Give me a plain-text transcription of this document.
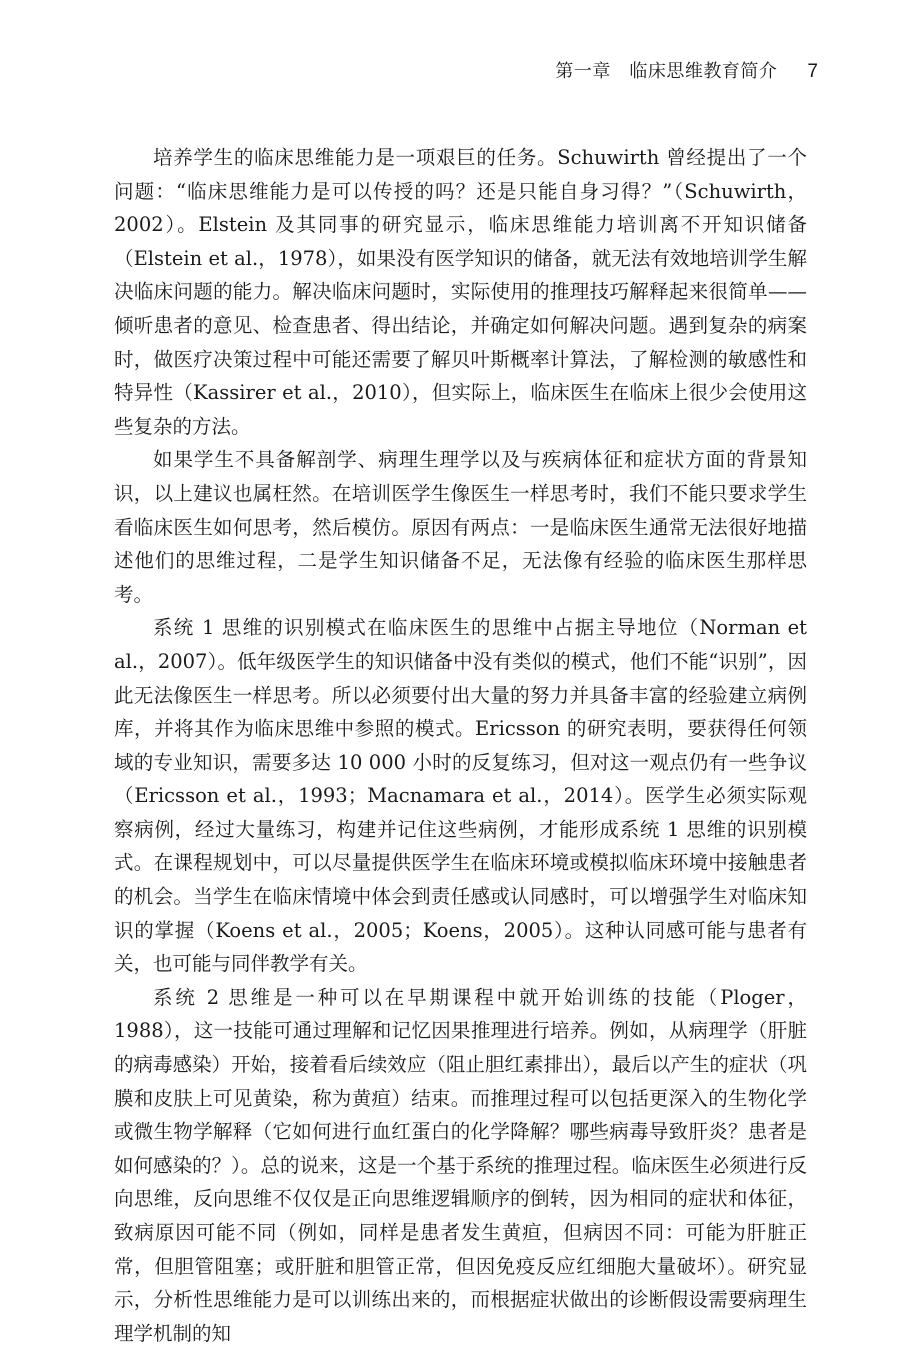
第一章　临床思维教育简介 7

培养学生的临床思维能力是一项艰巨的任务。Schuwirth 曾经提出了一个问题：“临床思维能力是可以传授的吗？还是只能自身习得？”（Schuwirth，2002）。Elstein 及其同事的研究显示，临床思维能力培训离不开知识储备（Elstein et al.，1978），如果没有医学知识的储备，就无法有效地培训学生解决临床问题的能力。解决临床问题时，实际使用的推理技巧解释起来很简单——倾听患者的意见、检查患者、得出结论，并确定如何解决问题。遇到复杂的病案时，做医疗决策过程中可能还需要了解贝叶斯概率计算法，了解检测的敏感性和特异性（Kassirer et al.，2010），但实际上，临床医生在临床上很少会使用这些复杂的方法。

如果学生不具备解剖学、病理生理学以及与疾病体征和症状方面的背景知识，以上建议也属枉然。在培训医学生像医生一样思考时，我们不能只要求学生看临床医生如何思考，然后模仿。原因有两点：一是临床医生通常无法很好地描述他们的思维过程，二是学生知识储备不足，无法像有经验的临床医生那样思考。

系统 1 思维的识别模式在临床医生的思维中占据主导地位（Norman et al.，2007）。低年级医学生的知识储备中没有类似的模式，他们不能“识别”，因此无法像医生一样思考。所以必须要付出大量的努力并具备丰富的经验建立病例库，并将其作为临床思维中参照的模式。Ericsson 的研究表明，要获得任何领域的专业知识，需要多达 10 000 小时的反复练习，但对这一观点仍有一些争议（Ericsson et al.，1993；Macnamara et al.，2014）。医学生必须实际观察病例，经过大量练习，构建并记住这些病例，才能形成系统 1 思维的识别模式。在课程规划中，可以尽量提供医学生在临床环境或模拟临床环境中接触患者的机会。当学生在临床情境中体会到责任感或认同感时，可以增强学生对临床知识的掌握（Koens et al.，2005；Koens，2005）。这种认同感可能与患者有关，也可能与同伴教学有关。

系统 2 思维是一种可以在早期课程中就开始训练的技能（Ploger，1988），这一技能可通过理解和记忆因果推理进行培养。例如，从病理学（肝脏的病毒感染）开始，接着看后续效应（阻止胆红素排出），最后以产生的症状（巩膜和皮肤上可见黄染，称为黄疸）结束。而推理过程可以包括更深入的生物化学或微生物学解释（它如何进行血红蛋白的化学降解？哪些病毒导致肝炎？患者是如何感染的？）。总的说来，这是一个基于系统的推理过程。临床医生必须进行反向思维，反向思维不仅仅是正向思维逻辑顺序的倒转，因为相同的症状和体征，致病原因可能不同（例如，同样是患者发生黄疸，但病因不同：可能为肝脏正常，但胆管阻塞；或肝脏和胆管正常，但因免疫反应红细胞大量破坏）。研究显示，分析性思维能力是可以训练出来的，而根据症状做出的诊断假设需要病理生理学机制的知
